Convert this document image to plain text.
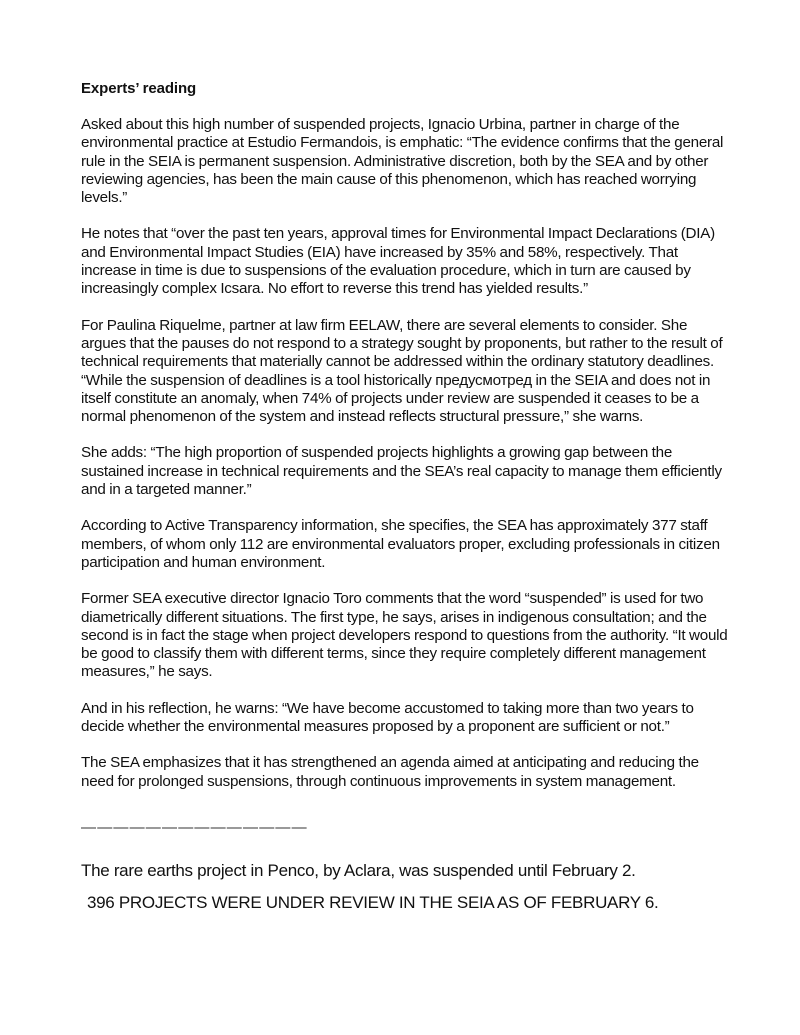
Experts’ reading

Asked about this high number of suspended projects, Ignacio Urbina, partner in charge of the environmental practice at Estudio Fermandois, is emphatic: “The evidence confirms that the general rule in the SEIA is permanent suspension. Administrative discretion, both by the SEA and by other reviewing agencies, has been the main cause of this phenomenon, which has reached worrying levels.”

He notes that “over the past ten years, approval times for Environmental Impact Declarations (DIA) and Environmental Impact Studies (EIA) have increased by 35% and 58%, respectively. That increase in time is due to suspensions of the evaluation procedure, which in turn are caused by increasingly complex Icsara. No effort to reverse this trend has yielded results.”

For Paulina Riquelme, partner at law firm EELAW, there are several elements to consider. She argues that the pauses do not respond to a strategy sought by proponents, but rather to the result of technical requirements that materially cannot be addressed within the ordinary statutory deadlines. “While the suspension of deadlines is a tool historically предусмотред in the SEIA and does not in itself constitute an anomaly, when 74% of projects under review are suspended it ceases to be a normal phenomenon of the system and instead reflects structural pressure,” she warns.

She adds: “The high proportion of suspended projects highlights a growing gap between the sustained increase in technical requirements and the SEA’s real capacity to manage them efficiently and in a targeted manner.”

According to Active Transparency information, she specifies, the SEA has approximately 377 staff members, of whom only 112 are environmental evaluators proper, excluding professionals in citizen participation and human environment.

Former SEA executive director Ignacio Toro comments that the word “suspended” is used for two diametrically different situations. The first type, he says, arises in indigenous consultation; and the second is in fact the stage when project developers respond to questions from the authority. “It would be good to classify them with different terms, since they require completely different management measures,” he says.

And in his reflection, he warns: “We have become accustomed to taking more than two years to decide whether the environmental measures proposed by a proponent are sufficient or not.”

The SEA emphasizes that it has strengthened an agenda aimed at anticipating and reducing the need for prolonged suspensions, through continuous improvements in system management.

——————————————
The rare earths project in Penco, by Aclara, was suspended until February 2.
396 PROJECTS WERE UNDER REVIEW IN THE SEIA AS OF FEBRUARY 6.
